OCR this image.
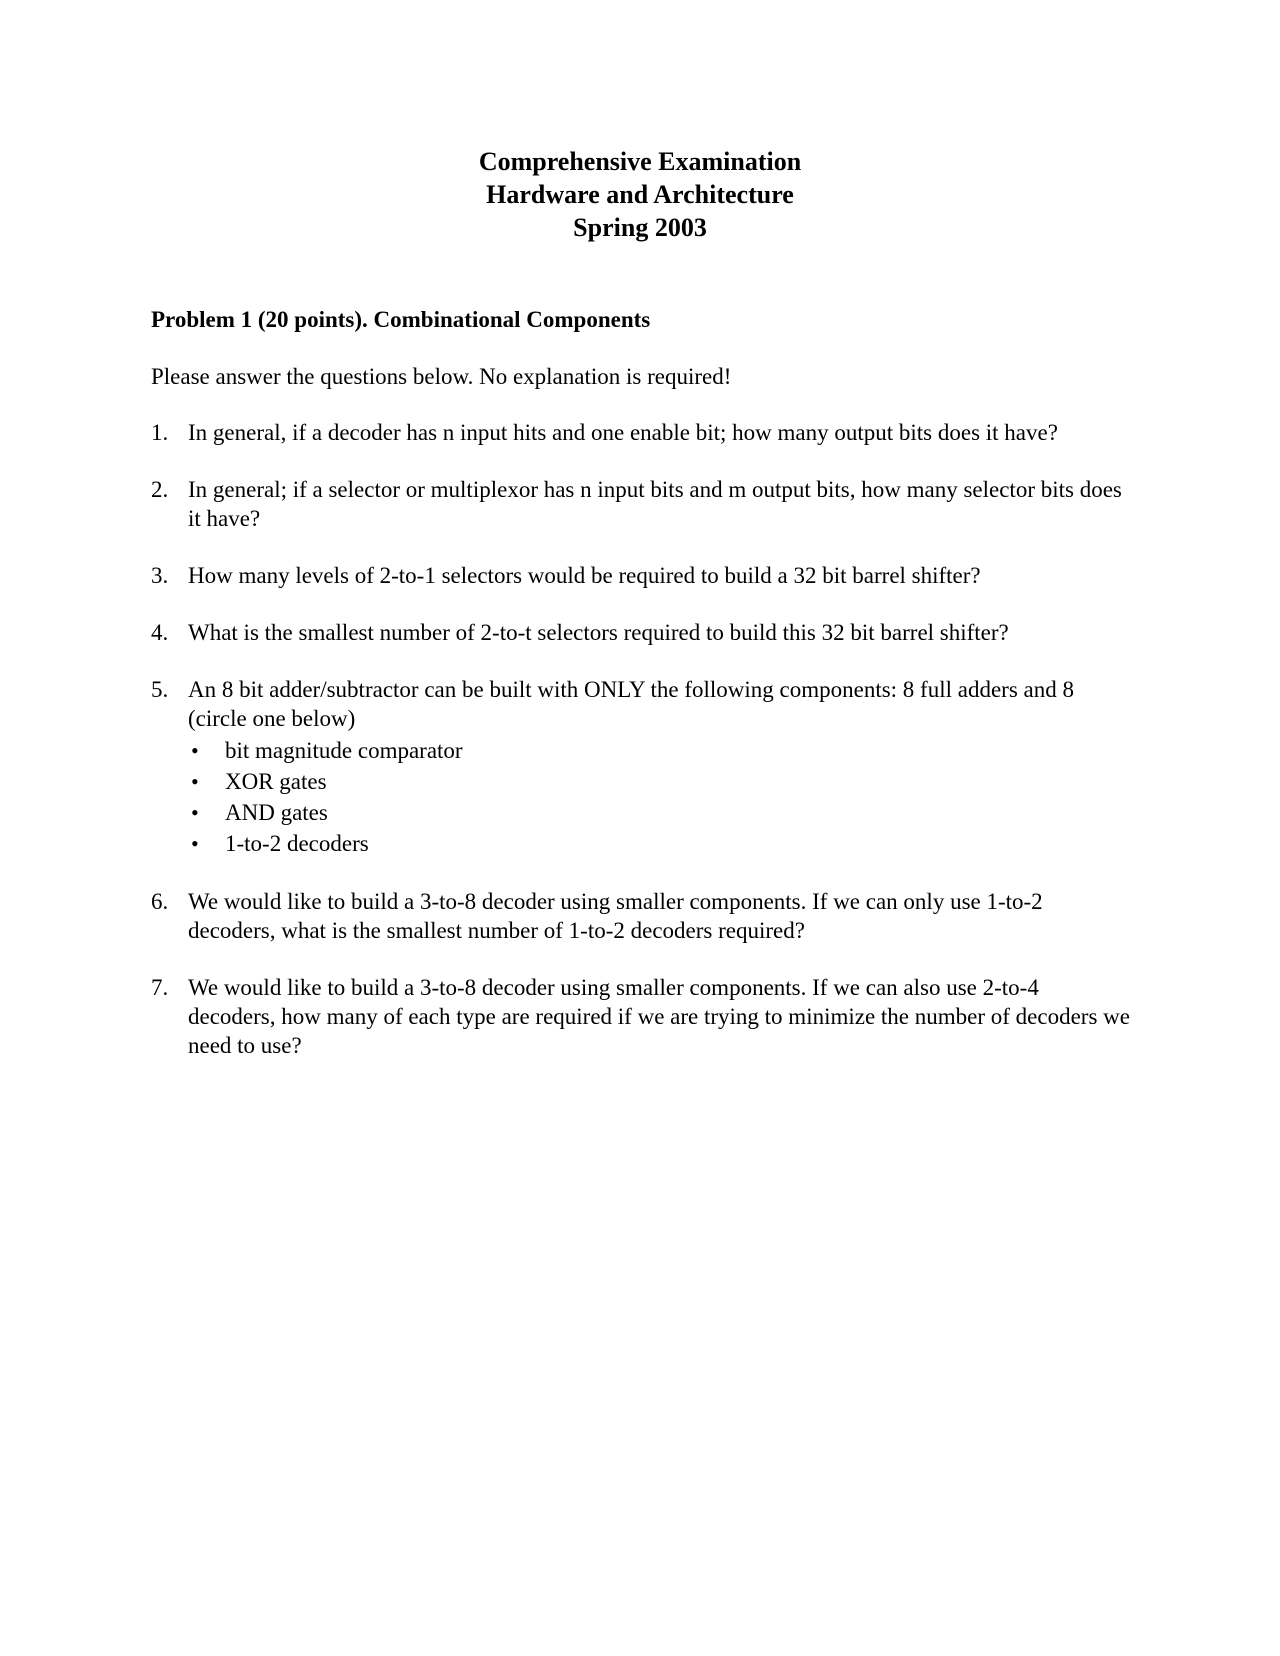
Comprehensive Examination
Hardware and Architecture
Spring 2003
Problem 1 (20 points). Combinational Components
Please answer the questions below. No explanation is required!
1. In general, if a decoder has n input hits and one enable bit; how many output bits does it have?
2. In general; if a selector or multiplexor has n input bits and m output bits, how many selector bits does it have?
3. How many levels of 2-to-1 selectors would be required to build a 32 bit barrel shifter?
4. What is the smallest number of 2-to-t selectors required to build this 32 bit barrel shifter?
5. An 8 bit adder/subtractor can be built with ONLY the following components: 8 full adders and 8 (circle one below)
• bit magnitude comparator
• XOR gates
• AND gates
• 1-to-2 decoders
6. We would like to build a 3-to-8 decoder using smaller components. If we can only use 1-to-2 decoders, what is the smallest number of 1-to-2 decoders required?
7. We would like to build a 3-to-8 decoder using smaller components. If we can also use 2-to-4 decoders, how many of each type are required if we are trying to minimize the number of decoders we need to use?
